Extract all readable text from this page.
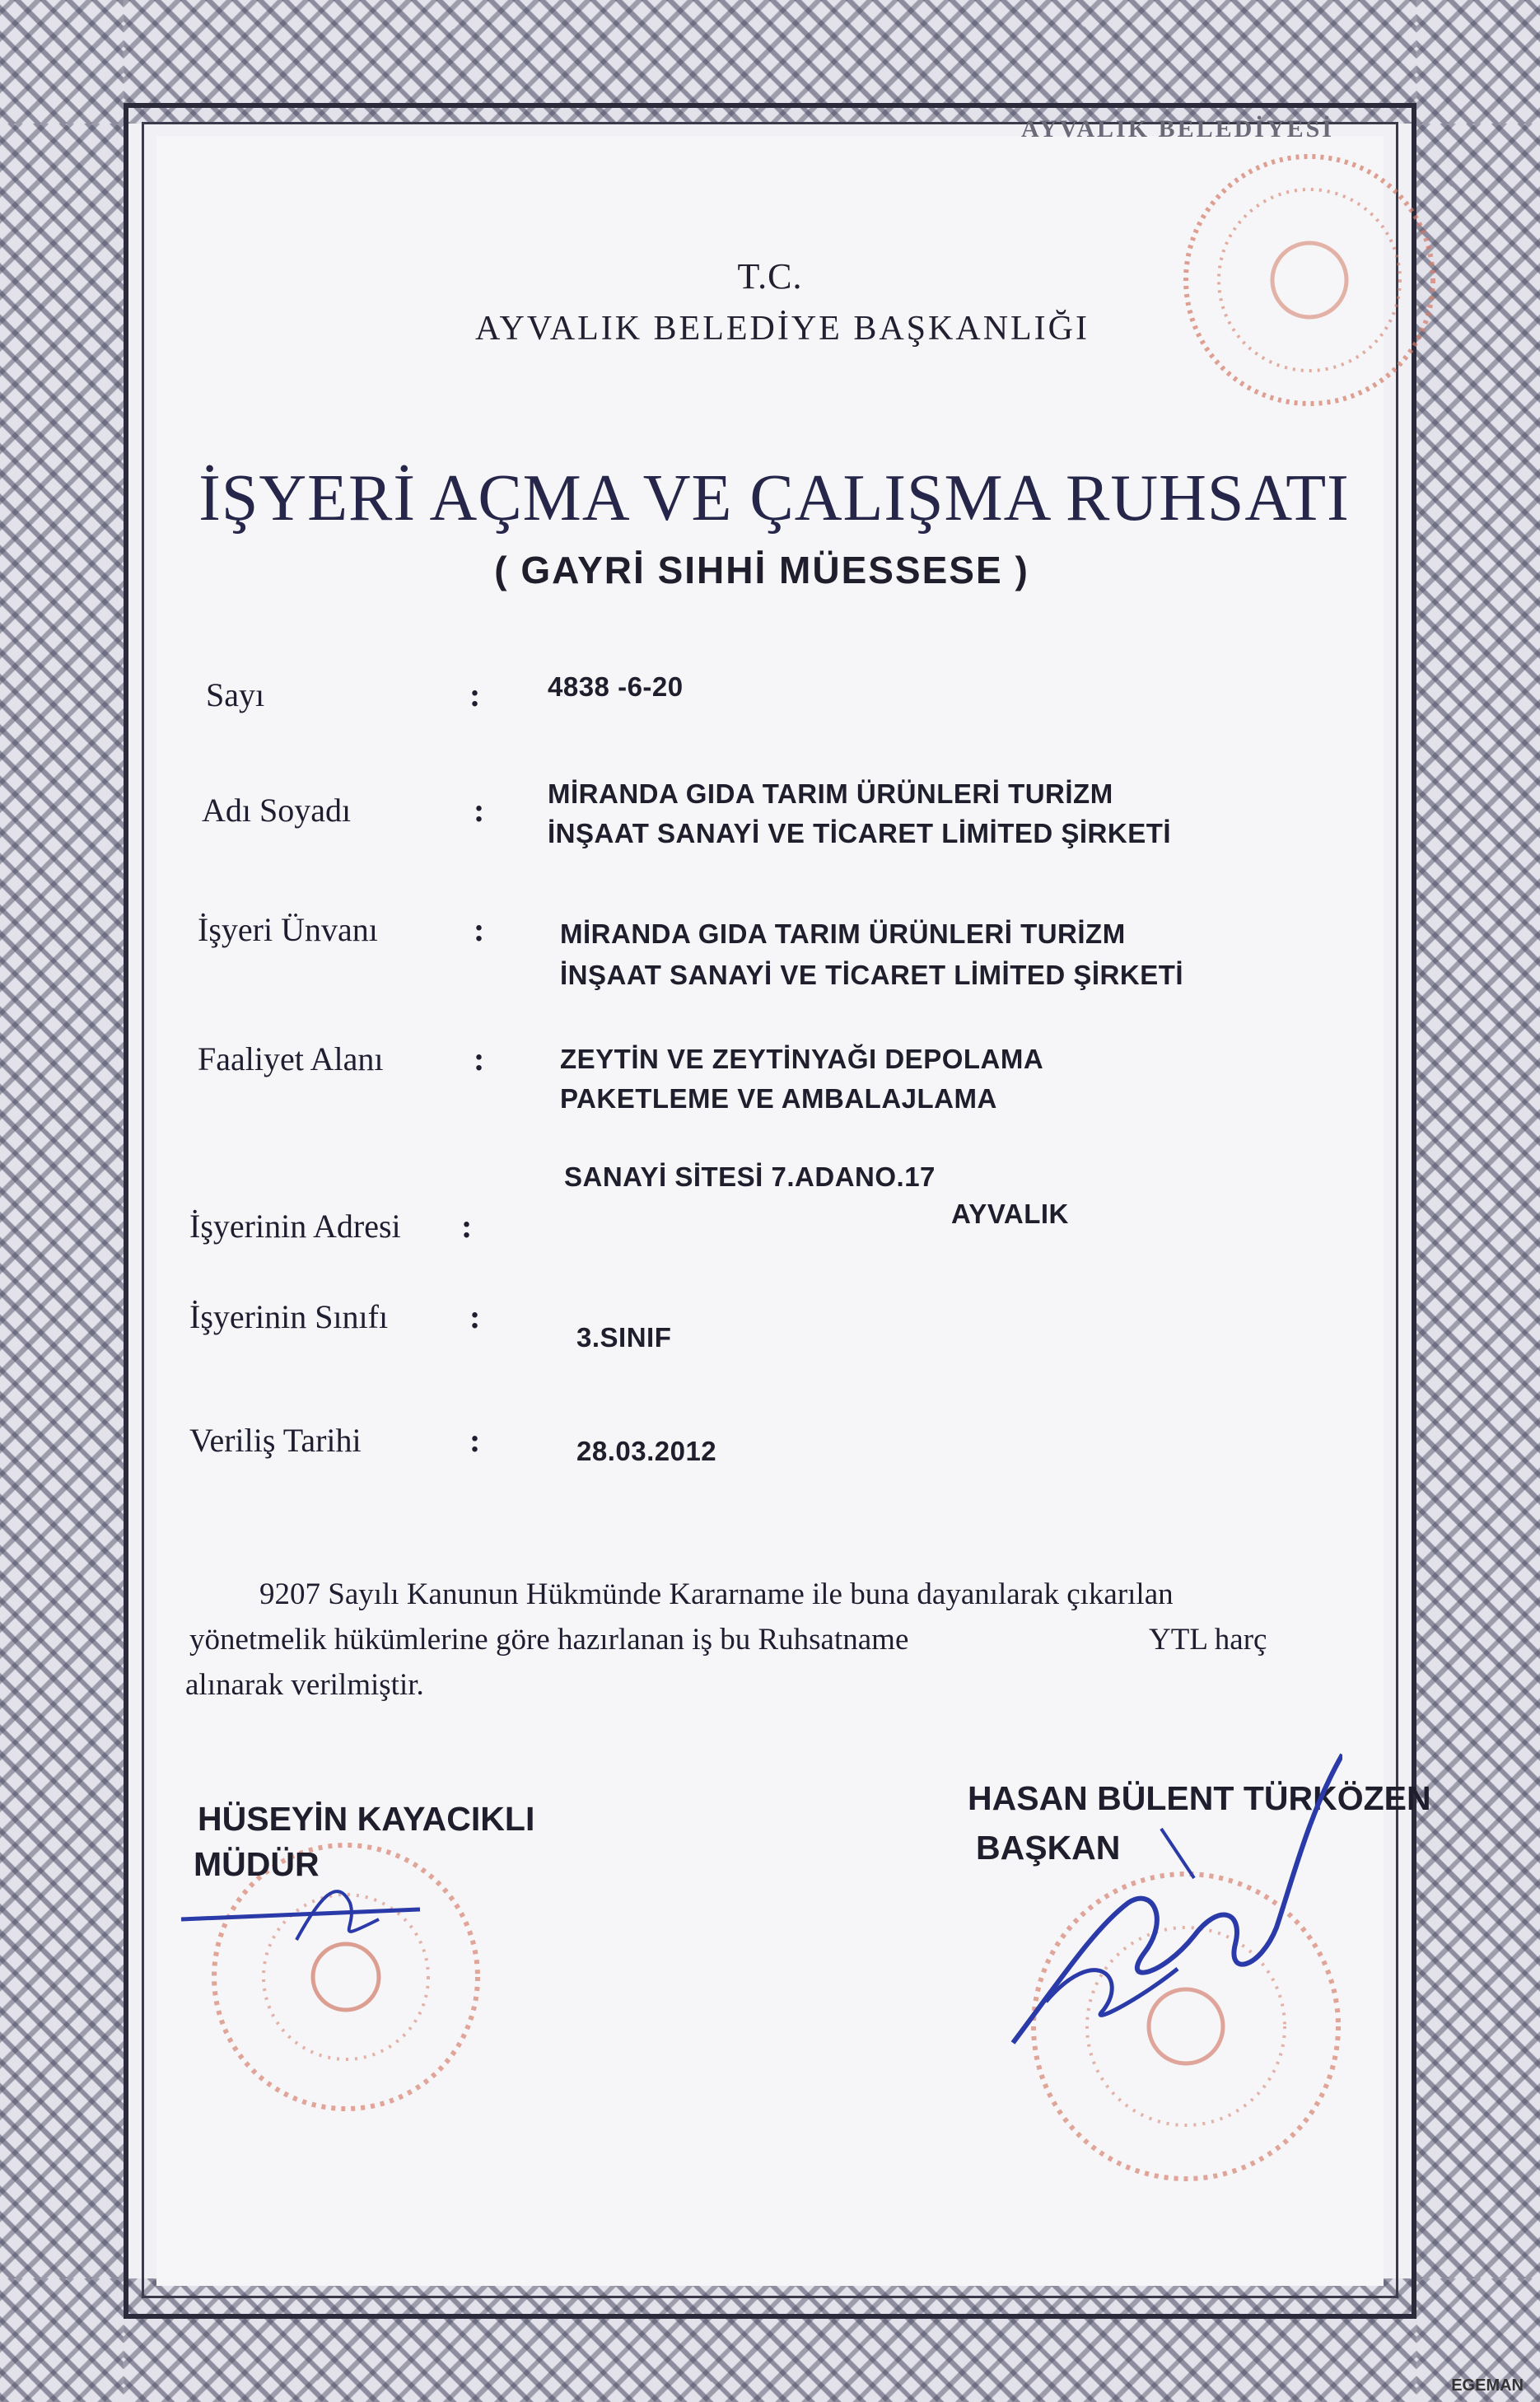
AYVALIK BELEDİYESİ
T.C.
AYVALIK BELEDİYE BAŞKANLIĞI
İŞYERİ AÇMA VE ÇALIŞMA RUHSATI
( GAYRİ SIHHİ MÜESSESE )
Sayı	: 4838 -6-20
Adı Soyadı	: MİRANDA GIDA TARIM ÜRÜNLERİ TURİZM
İNŞAAT SANAYİ VE TİCARET LİMİTED ŞİRKETİ
İşyeri Ünvanı	:	MİRANDA GIDA TARIM ÜRÜNLERİ TURİZM
İNŞAAT SANAYİ VE TİCARET LİMİTED ŞİRKETİ
Faaliyet Alanı	:	ZEYTİN VE ZEYTİNYAĞI DEPOLAMA
PAKETLEME VE AMBALAJLAMA
İşyerinin Adresi :
SANAYİ SİTESİ 7.ADANO.17
AYVALIK
İşyerinin Sınıfı :
3.SINIF
Veriliş Tarihi	:	28.03.2012
9207 Sayılı Kanunun Hükmünde Kararname ile buna dayanılarak çıkarılan
yönetmelik hükümlerine göre hazırlanan iş bu Ruhsatname	YTL harç
alınarak verilmiştir.
HÜSEYİN KAYACIKLI
MÜDÜR
HASAN BÜLENT TÜRKÖZEN
BAŞKAN
EGEMAN
